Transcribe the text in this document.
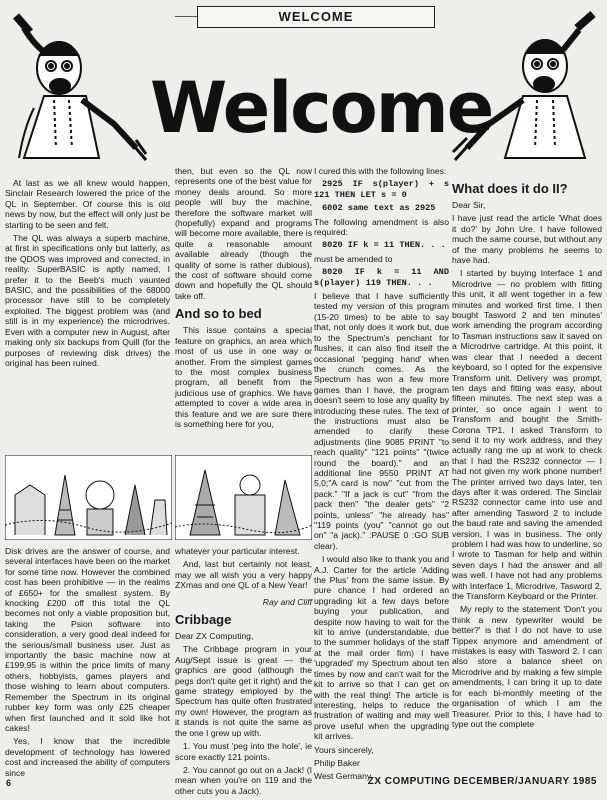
WELCOME
Welcome

At last as we all knew would happen, Sinclair Research lowered the price of the QL in September. Of course this is old news by now, but the effect will only just be starting to be seen and felt.

The QL was always a superb machine, at first in specifications only but latterly, as the QDOS was improved and corrected, in reality. SuperBASIC is aptly named, I prefer it to the Beeb's much vaunted BASIC, and the possibilities of the 68000 processor have still to be completely exploited. The biggest problem was (and still is in my experience) the microdrives. Even with a computer new in August, after making only six backups from Quill (for the purposes of reviewing disk drives) the original has been ruined.

Disk drives are the answer of course, and several interfaces have been on the market for some time now. However the combined cost has been prohibitive — in the realms of £650+ for the smallest system. By knocking £200 off this total the QL becomes not only a viable proposition but, taking the Psion software into consideration, a very good deal indeed for the serious/small business user. Just as importantly the basic machine now at £199.95 is within the price limits of many others, hobbyists, games players and those wishing to learn about computers. Remember the Spectrum in its original rubber key form was only £25 cheaper when first launched and it sold like hot cakes!

Yes, I know that the incredible development of technology has lowered cost and increased the ability of computers since

then, but even so the QL now represents one of the best value for money deals around. So more people will buy the machine, therefore the software market will (hopefully) expand and programs will become more available, there is quite a reasonable amount available already (though the quality of some is rather dubious), the cost of software should come down and hopefully the QL should take off.

And so to bed

This issue contains a special feature on graphics, an area which most of us use in one way or another. From the simplest games to the most complex business program, all benefit from the judicious use of graphics. We have attempted to cover a wide area in this feature and we are sure there is something here for you,

whatever your particular interest.

And, last but certainly not least, may we all wish you a very happy ZXmas and one QL of a New Year!

Ray and Cliff
Cribbage

Dear ZX Computing,

The Cribbage program in your Aug/Sept issue is great — the graphics are good (although the pegs don't quite get it right) and the game strategy employed by the Spectrum has quite often frustrated my own! However, the program as it stands is not quite the same as the one I grew up with.

1. You must 'peg into the hole', ie score exactly 121 points.

2. You cannot go out on a Jack! (I mean when you're on 119 and the other cuts you a Jack).

I cured this with the following lines:

2925 IF s(player) + s 121 THEN LET s = 0

6002 same text as 2925

The following amendment is also required:

8020 IF k = 11 THEN. . .

must be amended to

8020 IF k = 11 AND s(player) 119 THEN. . .

I believe that I have sufficiently tested my version of this program (15-20 times) to be able to say that, not only does it work but, due to the Spectrum's penchant for flushes, it can also find itself the occasional 'pegging hand' when the crunch comes. As the Spectrum has won a few more games than I have, the program doesn't seem to lose any quality by introducing these rules. The text of the instructions must also be amended to clarify these adjustments (line 9085 PRINT "to reach quality" "121 points" "(twice round the board)." and an additional line 9550 PRINT AT 5,0;"A card is now" "cut from the pack." "If a jack is cut" "from the pack then" "the dealer gets" "2 points, unless" "he already has" "119 points (you" "cannot go out on" "a jack)." :PAUSE 0 :GO SUB clear).

I would also like to thank you and A.J. Carter for the article 'Adding the Plus' from the same issue. By pure chance I had ordered an upgrading kit a few days before buying your publication, and despite now having to wait for the kit to arrive (understandable, due to the summer holidays of the staff at the mail order firm) I have 'upgraded' my Spectrum about ten times by now and can't wait for the kit to arrive so that I can get on with the real thing! The article is interesting, helps to reduce the frustration of waiting and may well prove useful when the upgrading kit arrives.

Yours sincerely,

Philip Baker

West Germany

What does it do II?

Dear Sir,

I have just read the article 'What does it do?' by John Ure. I have followed much the same course, but without any of the many problems he seems to have had.

I started by buying Interface 1 and Microdrive — no problem with fitting this unit, it all went together in a few minutes and worked first time. I then bought Tasword 2 and ten minutes' work amending the program according to Tasman instructions saw it saved on a Microdrive cartridge. At this point, it was clear that I needed a decent keyboard, so I opted for the expensive Transform unit. Delivery was prompt, ten days and fitting was easy, about fifteen minutes. The next step was a printer, so once again I went to Transform and bought the Smith-Corona TP1. I asked Transform to send it to my work address, and they actually rang me up at work to check that I had the RS232 connector — I had not given my work phone number! The printer arrived two days later, ten days after it was ordered. The Sinclair RS232 connector came into use and after amending Tasword 2 to include the baud rate and saving the amended version, I was in business. The only problem I had was how to underline, so I wrote to Tasman for help and within seven days I had the answer and all was well. I have not had any problems with Interface 1, Microdrive, Tasword 2, the Transform Keyboard or the Printer.

My reply to the statement 'Don't you think a new typewriter would be better?' is that I do not have to use Tippex anymore and amendment of mistakes is easy with Tasword 2. I can also store a balance sheet on Microdrive and by making a few simple amendments, I can bring it up to date for each bi-monthly meeting of the organisation of which I am the Treasurer. Prior to this, I have had to type out the complete

6	ZX COMPUTING DECEMBER/JANUARY 1985
